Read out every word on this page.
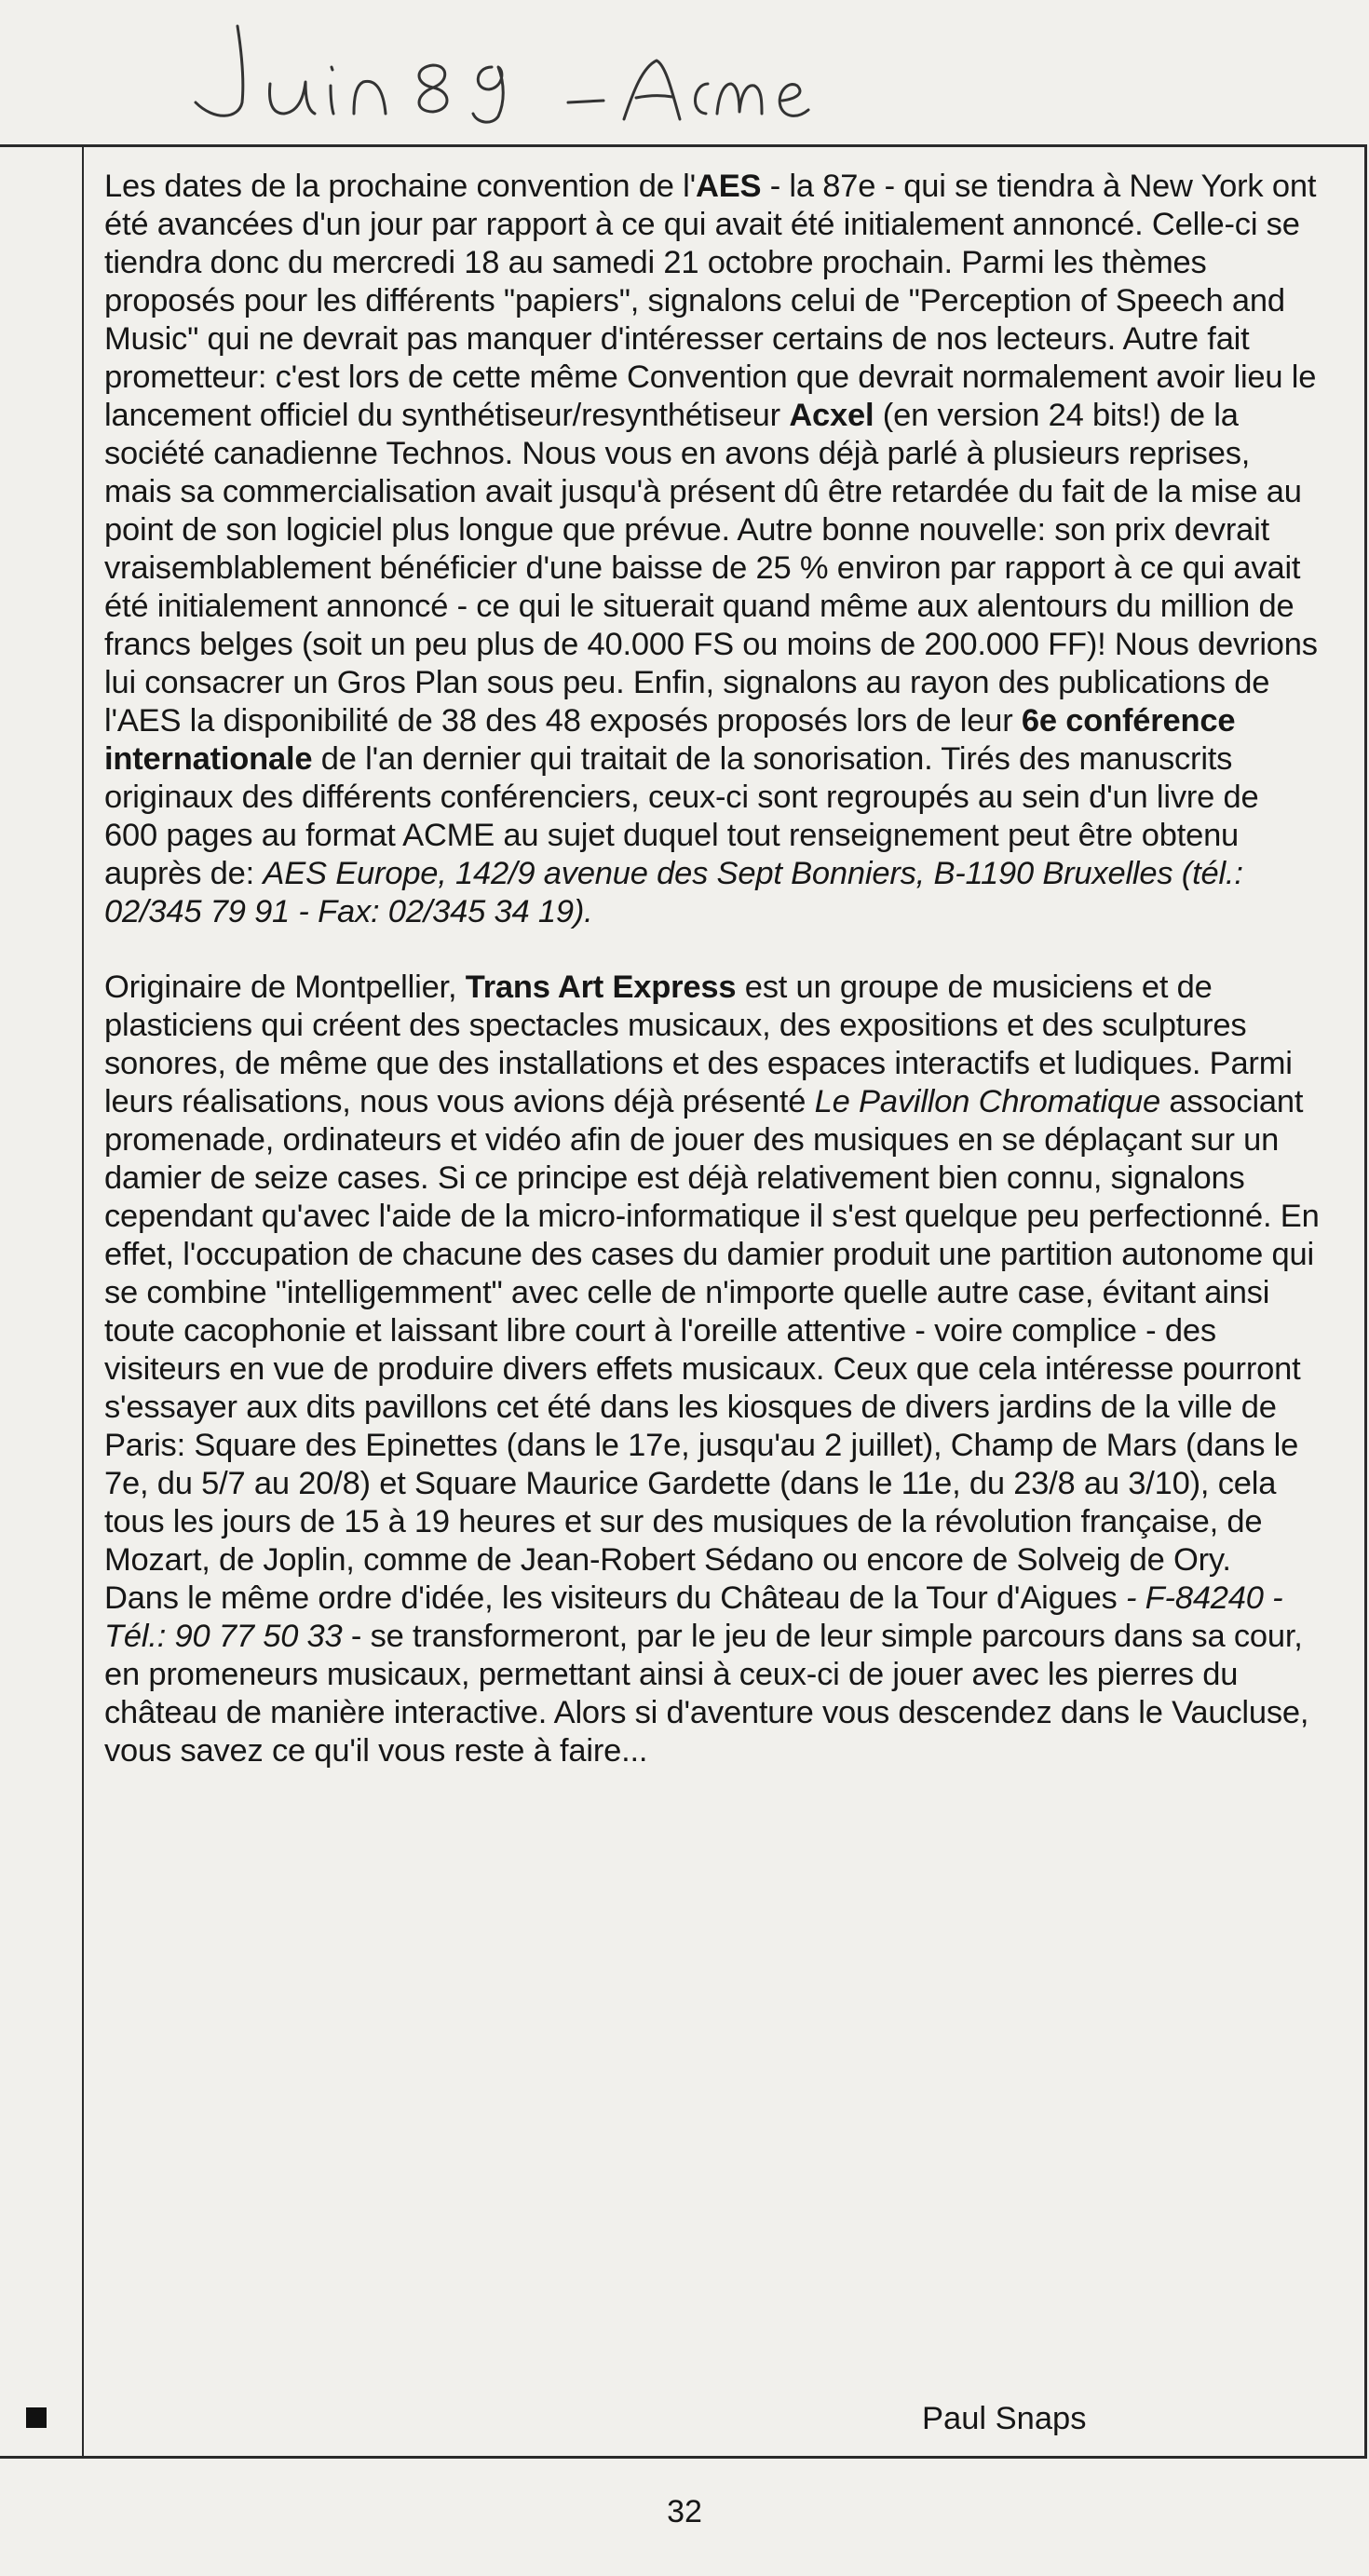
Les dates de la prochaine convention de l'AES - la 87e - qui se tiendra à New York ont été avancées d'un jour par rapport à ce qui avait été initialement annoncé. Celle-ci se tiendra donc du mercredi 18 au samedi 21 octobre prochain. Parmi les thèmes proposés pour les différents "papiers", signalons celui de "Perception of Speech and Music" qui ne devrait pas manquer d'intéresser certains de nos lecteurs. Autre fait prometteur: c'est lors de cette même Convention que devrait normalement avoir lieu le lancement officiel du synthétiseur/resynthétiseur Acxel (en version 24 bits!) de la société canadienne Technos. Nous vous en avons déjà parlé à plusieurs reprises, mais sa commercialisation avait jusqu'à présent dû être retardée du fait de la mise au point de son logiciel plus longue que prévue. Autre bonne nouvelle: son prix devrait vraisemblablement bénéficier d'une baisse de 25 % environ par rapport à ce qui avait été initialement annoncé - ce qui le situerait quand même aux alentours du million de francs belges (soit un peu plus de 40.000 FS ou moins de 200.000 FF)! Nous devrions lui consacrer un Gros Plan sous peu. Enfin, signalons au rayon des publications de l'AES la disponibilité de 38 des 48 exposés proposés lors de leur 6e conférence internationale de l'an dernier qui traitait de la sonorisation. Tirés des manuscrits originaux des différents conférenciers, ceux-ci sont regroupés au sein d'un livre de 600 pages au format ACME au sujet duquel tout renseignement peut être obtenu auprès de: AES Europe, 142/9 avenue des Sept Bonniers, B-1190 Bruxelles (tél.: 02/345 79 91 - Fax: 02/345 34 19).

Originaire de Montpellier, Trans Art Express est un groupe de musiciens et de plasticiens qui créent des spectacles musicaux, des expositions et des sculptures sonores, de même que des installations et des espaces interactifs et ludiques. Parmi leurs réalisations, nous vous avions déjà présenté Le Pavillon Chromatique associant promenade, ordinateurs et vidéo afin de jouer des musiques en se déplaçant sur un damier de seize cases. Si ce principe est déjà relativement bien connu, signalons cependant qu'avec l'aide de la micro-informatique il s'est quelque peu perfectionné. En effet, l'occupation de chacune des cases du damier produit une partition autonome qui se combine "intelligemment" avec celle de n'importe quelle autre case, évitant ainsi toute cacophonie et laissant libre court à l'oreille attentive - voire complice - des visiteurs en vue de produire divers effets musicaux. Ceux que cela intéresse pourront s'essayer aux dits pavillons cet été dans les kiosques de divers jardins de la ville de Paris: Square des Epinettes (dans le 17e, jusqu'au 2 juillet), Champ de Mars (dans le 7e, du 5/7 au 20/8) et Square Maurice Gardette (dans le 11e, du 23/8 au 3/10), cela tous les jours de 15 à 19 heures et sur des musiques de la révolution française, de Mozart, de Joplin, comme de Jean-Robert Sédano ou encore de Solveig de Ory.

Dans le même ordre d'idée, les visiteurs du Château de la Tour d'Aigues - F-84240 - Tél.: 90 77 50 33 - se transformeront, par le jeu de leur simple parcours dans sa cour, en promeneurs musicaux, permettant ainsi à ceux-ci de jouer avec les pierres du château de manière interactive. Alors si d'aventure vous descendez dans le Vaucluse, vous savez ce qu'il vous reste à faire...

Paul Snaps
32
